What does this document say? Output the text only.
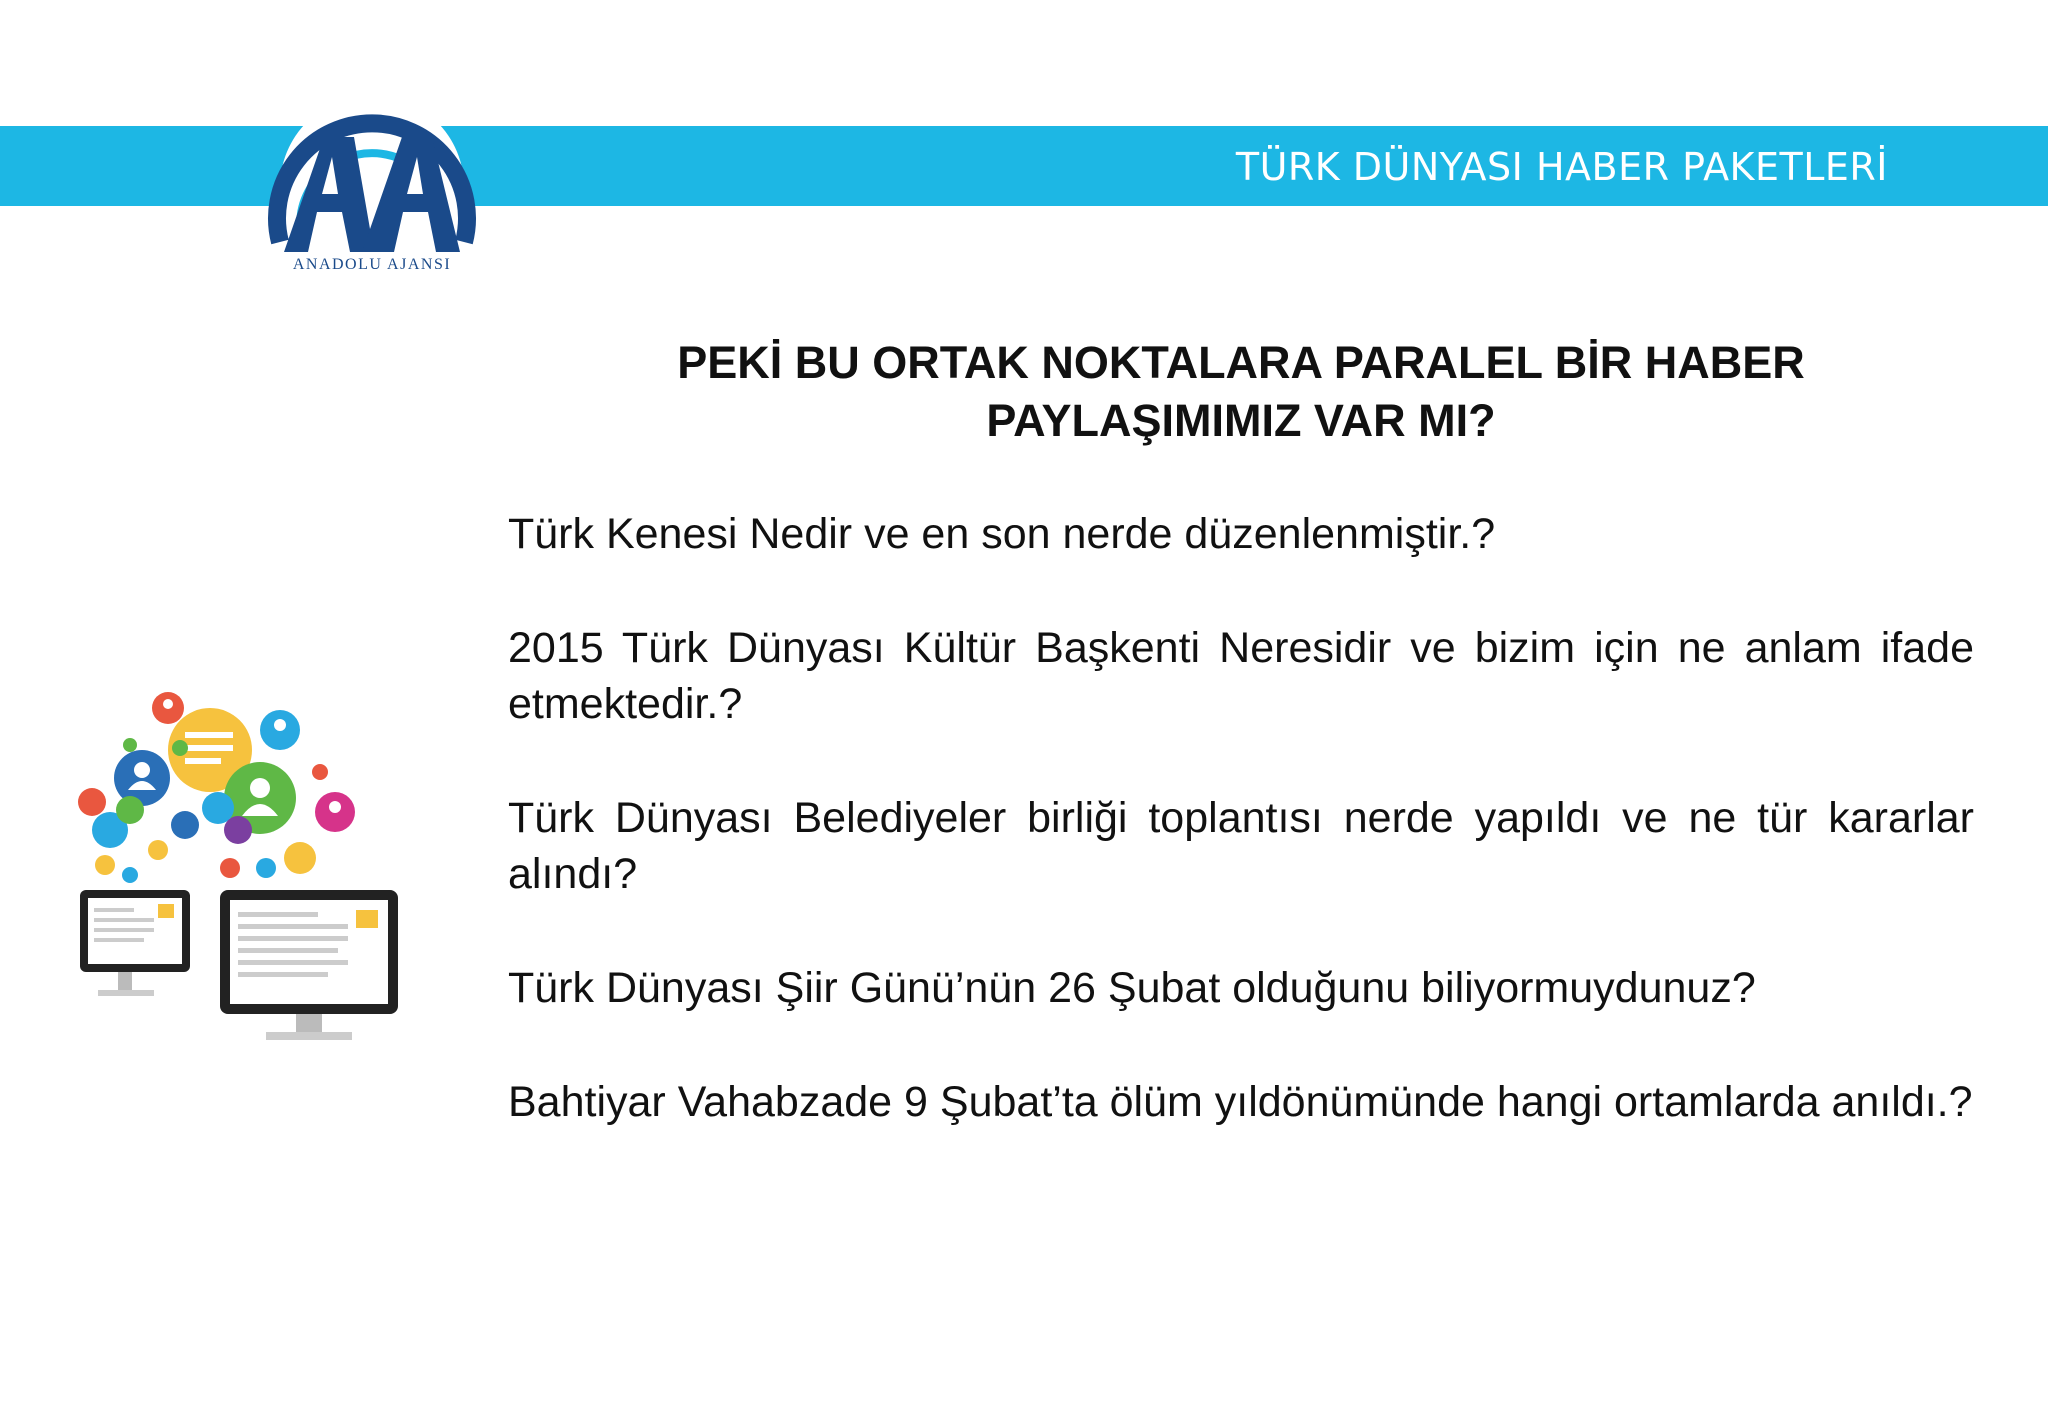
TÜRK DÜNYASI HABER PAKETLERİ
ANADOLU AJANSI
PEKİ BU ORTAK NOKTALARA PARALEL BİR HABER
PAYLAŞIMIMIZ VAR MI?

Türk Kenesi Nedir ve en son nerde düzenlenmiştir.?

2015 Türk Dünyası Kültür Başkenti Neresidir ve bizim için ne anlam ifade etmektedir.?

Türk Dünyası Belediyeler birliği toplantısı nerde yapıldı ve ne tür kararlar alındı?

Türk Dünyası Şiir Günü’nün 26 Şubat olduğunu biliyormuydunuz?

Bahtiyar Vahabzade 9 Şubat’ta ölüm yıldönümünde hangi ortamlarda anıldı.?
